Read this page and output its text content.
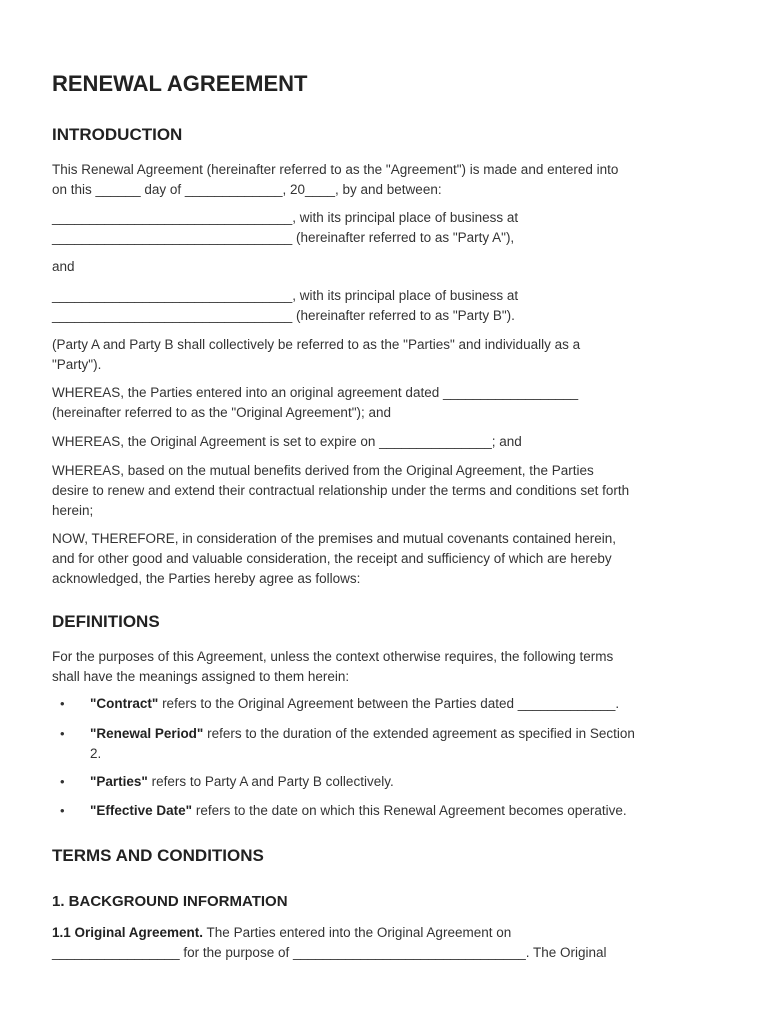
RENEWAL AGREEMENT
INTRODUCTION

This Renewal Agreement (hereinafter referred to as the "Agreement") is made and entered into

on this ______ day of _____________, 20____, by and between:

________________________________, with its principal place of business at

________________________________ (hereinafter referred to as "Party A"),

and

________________________________, with its principal place of business at

________________________________ (hereinafter referred to as "Party B").

(Party A and Party B shall collectively be referred to as the "Parties" and individually as a

"Party").

WHEREAS, the Parties entered into an original agreement dated __________________

(hereinafter referred to as the "Original Agreement"); and

WHEREAS, the Original Agreement is set to expire on _______________; and

WHEREAS, based on the mutual benefits derived from the Original Agreement, the Parties

desire to renew and extend their contractual relationship under the terms and conditions set forth

herein;

NOW, THEREFORE, in consideration of the premises and mutual covenants contained herein,

and for other good and valuable consideration, the receipt and sufficiency of which are hereby

acknowledged, the Parties hereby agree as follows:

DEFINITIONS

For the purposes of this Agreement, unless the context otherwise requires, the following terms

shall have the meanings assigned to them herein:

• "Contract" refers to the Original Agreement between the Parties dated _____________.
• "Renewal Period" refers to the duration of the extended agreement as specified in Section
2.
• "Parties" refers to Party A and Party B collectively.
• "Effective Date" refers to the date on which this Renewal Agreement becomes operative.
TERMS AND CONDITIONS
1. BACKGROUND INFORMATION

1.1 Original Agreement. The Parties entered into the Original Agreement on

_________________ for the purpose of _______________________________. The Original
